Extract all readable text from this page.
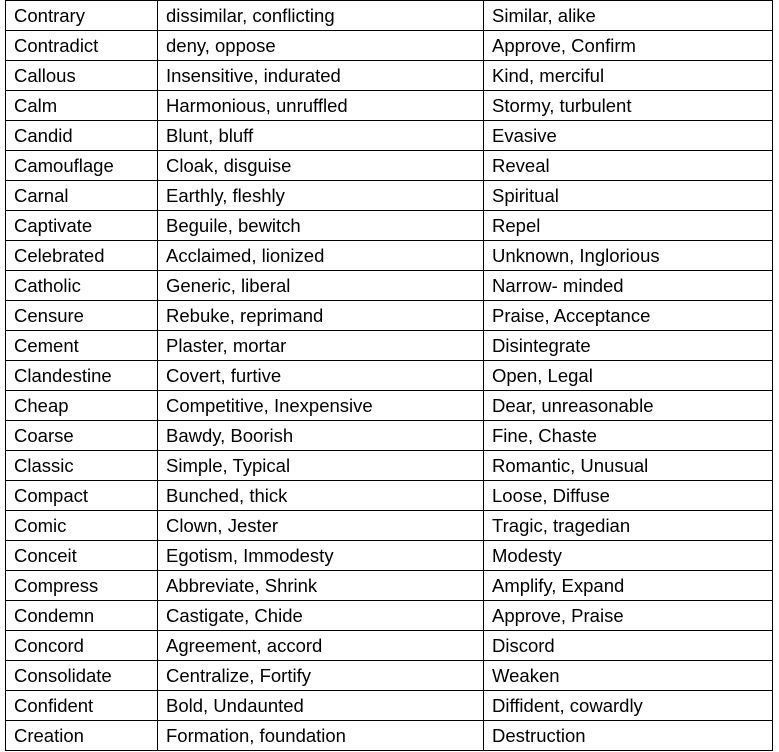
Contrary	dissimilar, conflicting	Similar, alike
Contradict	deny, oppose	Approve, Confirm
Callous	Insensitive, indurated	Kind, merciful
Calm	Harmonious, unruffled	Stormy, turbulent
Candid	Blunt, bluff	Evasive
Camouflage	Cloak, disguise	Reveal
Carnal	Earthly, fleshly	Spiritual
Captivate	Beguile, bewitch	Repel
Celebrated	Acclaimed, lionized	Unknown, Inglorious
Catholic	Generic, liberal	Narrow- minded
Censure	Rebuke, reprimand	Praise, Acceptance
Cement	Plaster, mortar	Disintegrate
Clandestine	Covert, furtive	Open, Legal
Cheap	Competitive, Inexpensive	Dear, unreasonable
Coarse	Bawdy, Boorish	Fine, Chaste
Classic	Simple, Typical	Romantic, Unusual
Compact	Bunched, thick	Loose, Diffuse
Comic	Clown, Jester	Tragic, tragedian
Conceit	Egotism, Immodesty	Modesty
Compress	Abbreviate, Shrink	Amplify, Expand
Condemn	Castigate, Chide	Approve, Praise
Concord	Agreement, accord	Discord
Consolidate	Centralize, Fortify	Weaken
Confident	Bold, Undaunted	Diffident, cowardly
Creation	Formation, foundation	Destruction
